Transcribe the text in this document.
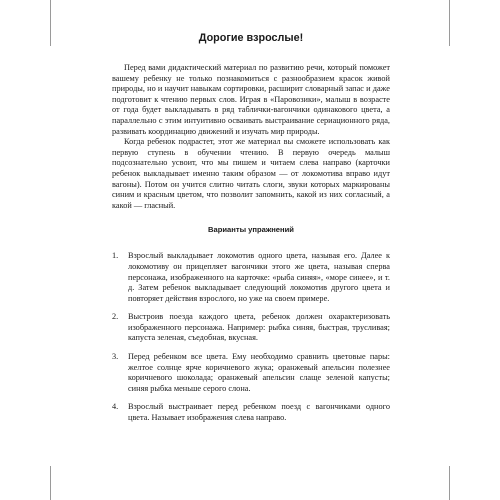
Дорогие взрослые!

Перед вами дидактический материал по развитию речи, который поможет вашему ребенку не только познакомиться с разнообразием красок живой природы, но и научит навыкам сортировки, расширит словарный запас и даже подготовит к чтению первых слов. Играя в «Паровозики», малыш в возрасте от года будет выкладывать в ряд таблички-вагончики одинакового цвета, а параллельно с этим интуитивно осваивать выстраивание сериационного ряда, развивать координацию движений и изучать мир природы.

Когда ребенок подрастет, этот же материал вы сможете использовать как первую ступень в обучении чтению. В первую очередь малыш подсознательно усвоит, что мы пишем и читаем слева направо (карточки ребенок выкладывает именно таким образом — от локомотива вправо идут вагоны). Потом он учится слитно читать слоги, звуки которых маркированы синим и красным цветом, что позволит запомнить, какой из них согласный, а какой — гласный.

Варианты упражнений
1.	Взрослый выкладывает локомотив одного цвета, называя его. Далее к локомотиву он прицепляет вагончики этого же цвета, называя сперва персонажа, изображенного на карточке: «рыба синяя», «море синее», и т. д. Затем ребенок выкладывает следующий локомотив другого цвета и повторяет действия взрослого, но уже на своем примере.
2.	Выстроив поезда каждого цвета, ребенок должен охарактеризовать изображенного персонажа. Например: рыбка синяя, быстрая, трусливая; капуста зеленая, съедобная, вкусная.
3.	Перед ребенком все цвета. Ему необходимо сравнить цветовые пары: желтое солнце ярче коричневого жука; оранжевый апельсин полезнее коричневого шоколада; оранжевый апельсин слаще зеленой капусты; синяя рыбка меньше серого слона.
4.	Взрослый выстраивает перед ребенком поезд с вагончиками одного цвета. Называет изображения слева направо.
